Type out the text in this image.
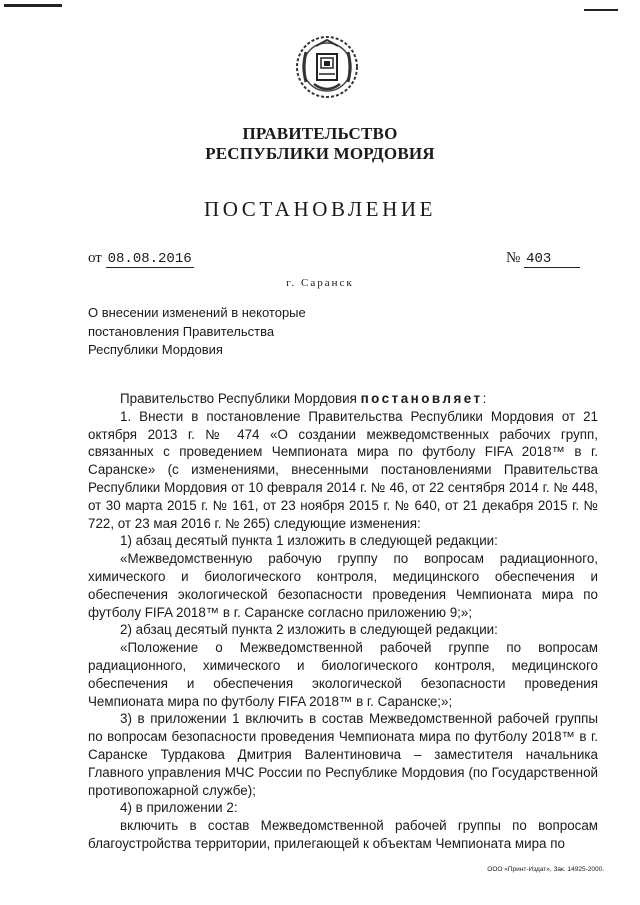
ПРАВИТЕЛЬСТВО
РЕСПУБЛИКИ МОРДОВИЯ
ПОСТАНОВЛЕНИЕ
от 08.08.2016	№ 403
г. Саранск
О внесении изменений в некоторые
постановления Правительства
Республики Мордовия

Правительство Республики Мордовия постановляет:

1. Внести в постановление Правительства Республики Мордовия от 21 октября 2013 г. № 474 «О создании межведомственных рабочих групп, связанных с проведением Чемпионата мира по футболу FIFA 2018™ в г. Саранске» (с изменениями, внесенными постановлениями Правительства Республики Мордовия от 10 февраля 2014 г. № 46, от 22 сентября 2014 г. № 448, от 30 марта 2015 г. № 161, от 23 ноября 2015 г. № 640, от 21 декабря 2015 г. № 722, от 23 мая 2016 г. № 265) следующие изменения:

1) абзац десятый пункта 1 изложить в следующей редакции:

«Межведомственную рабочую группу по вопросам радиационного, химического и биологического контроля, медицинского обеспечения и обеспечения экологической безопасности проведения Чемпионата мира по футболу FIFA 2018™ в г. Саранске согласно приложению 9;»;

2) абзац десятый пункта 2 изложить в следующей редакции:

«Положение о Межведомственной рабочей группе по вопросам радиационного, химического и биологического контроля, медицинского обеспечения и обеспечения экологической безопасности проведения Чемпионата мира по футболу FIFA 2018™ в г. Саранске;»;

3) в приложении 1 включить в состав Межведомственной рабочей группы по вопросам безопасности проведения Чемпионата мира по футболу 2018™ в г. Саранске Турдакова Дмитрия Валентиновича – заместителя начальника Главного управления МЧС России по Республике Мордовия (по Государственной противопожарной службе);

4) в приложении 2:

включить в состав Межведомственной рабочей группы по вопросам благоустройства территории, прилегающей к объектам Чемпионата мира по

ООО «Принт-Издат», Зак. 14925-2000.
